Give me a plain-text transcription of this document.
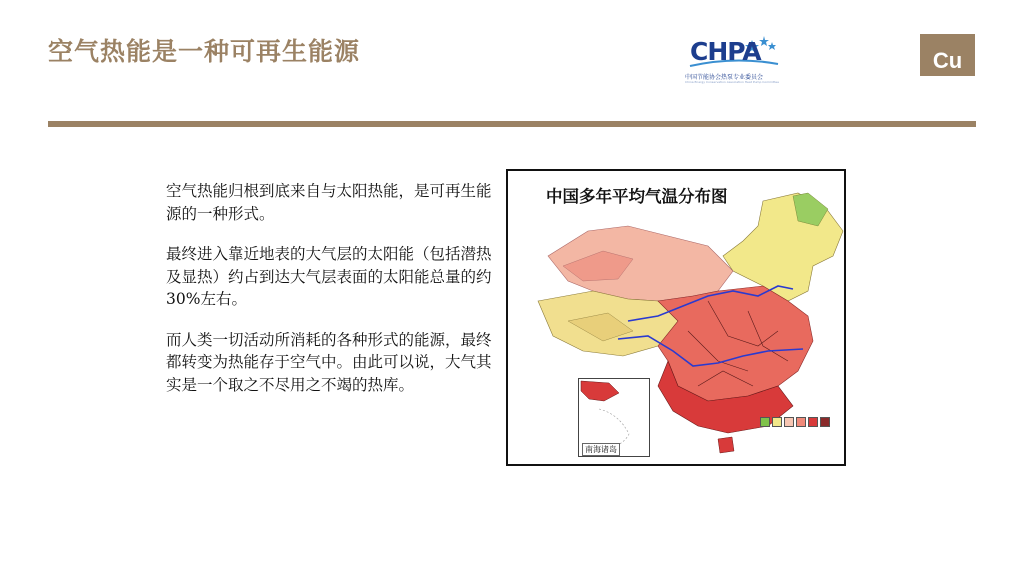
空气热能是一种可再生能源	CHPA
中国节能协会热泵专业委员会
China Energy Conservation Association Heat Pump Committee
Cu

空气热能归根到底来自与太阳热能，是可再生能源的一种形式。

最终进入靠近地表的大气层的太阳能（包括潜热及显热）约占到达大气层表面的太阳能总量的约30%左右。

而人类一切活动所消耗的各种形式的能源，最终都转变为热能存于空气中。由此可以说，大气其实是一个取之不尽用之不竭的热库。

中国多年平均气温分布图
南海诸岛
